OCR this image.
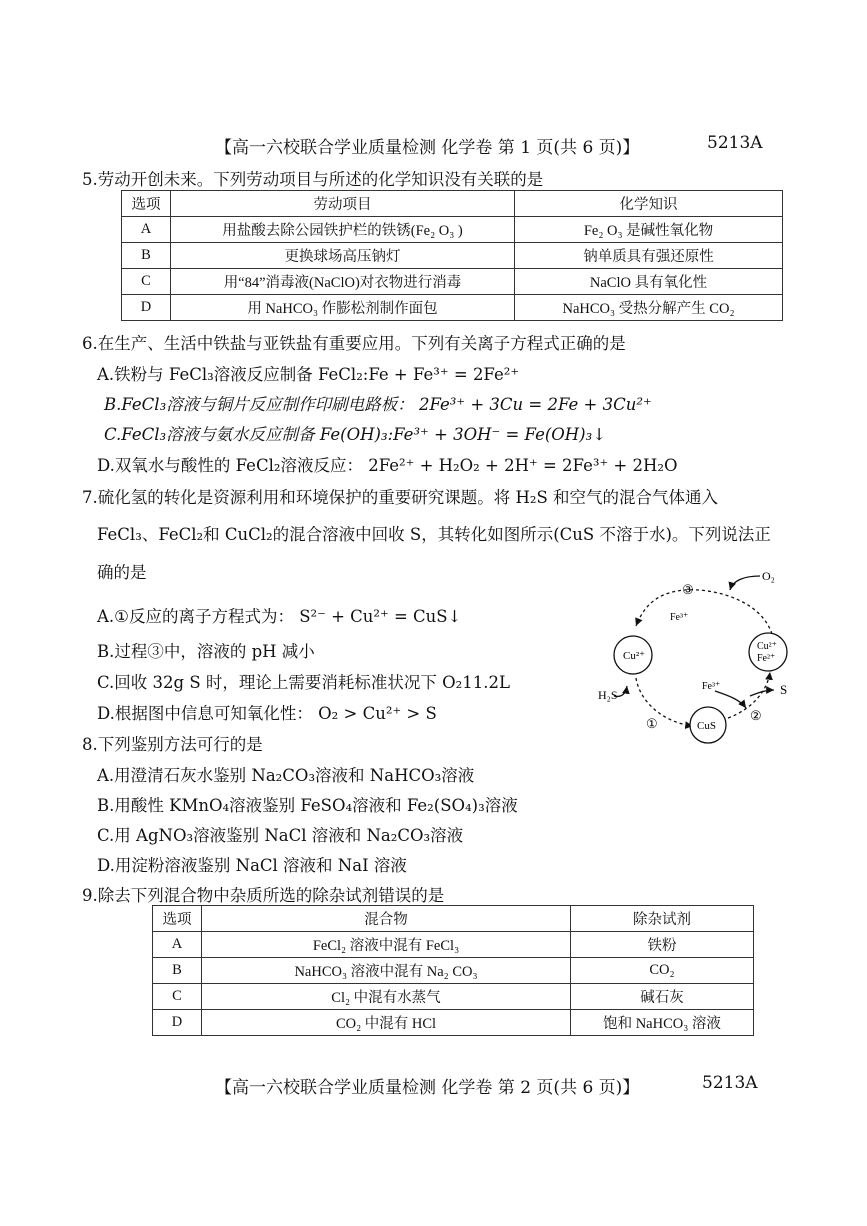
【高一六校联合学业质量检测 化学卷 第 1 页(共 6 页)】	5213A
5.劳动开创未来。下列劳动项目与所述的化学知识没有关联的是
选项	劳动项目	化学知识
A	用盐酸去除公园铁护栏的铁锈(Fe₂ O₃ )	Fe₂ O₃ 是碱性氧化物
B	更换球场高压钠灯	钠单质具有强还原性
C	用“84”消毒液(NaClO)对衣物进行消毒	NaClO 具有氧化性
D	用 NaHCO₃ 作膨松剂制作面包	NaHCO₃ 受热分解产生 CO₂
6.在生产、生活中铁盐与亚铁盐有重要应用。下列有关离子方程式正确的是
A.铁粉与 FeCl₃溶液反应制备 FeCl₂:Fe + Fe³⁺ = 2Fe²⁺
B.FeCl₃溶液与铜片反应制作印刷电路板： 2Fe³⁺ + 3Cu = 2Fe + 3Cu²⁺
C.FeCl₃溶液与氨水反应制备 Fe(OH)₃:Fe³⁺ + 3OH⁻ = Fe(OH)₃↓
D.双氧水与酸性的 FeCl₂溶液反应： 2Fe²⁺ + H₂O₂ + 2H⁺ = 2Fe³⁺ + 2H₂O
7.硫化氢的转化是资源利用和环境保护的重要研究课题。将 H₂S 和空气的混合气体通入
FeCl₃、FeCl₂和 CuCl₂的混合溶液中回收 S，其转化如图所示(CuS 不溶于水)。下列说法正
确的是
A.①反应的离子方程式为： S²⁻ + Cu²⁺ = CuS↓
B.过程③中，溶液的 pH 减小
C.回收 32g S 时，理论上需要消耗标准状况下 O₂11.2L
D.根据图中信息可知氧化性： O₂ > Cu²⁺ > S
Cu²⁺
CuS
Cu²⁺
Fe²⁺
O₂
H₂S	S
Fe³⁺
Fe³⁺
①
②
③
8.下列鉴别方法可行的是
A.用澄清石灰水鉴别 Na₂CO₃溶液和 NaHCO₃溶液
B.用酸性 KMnO₄溶液鉴别 FeSO₄溶液和 Fe₂(SO₄)₃溶液
C.用 AgNO₃溶液鉴别 NaCl 溶液和 Na₂CO₃溶液
D.用淀粉溶液鉴别 NaCl 溶液和 NaI 溶液
9.除去下列混合物中杂质所选的除杂试剂错误的是
选项	混合物	除杂试剂
A	FeCl₂ 溶液中混有 FeCl₃	铁粉
B	NaHCO₃ 溶液中混有 Na₂ CO₃	CO₂
C	Cl₂ 中混有水蒸气	碱石灰
D	CO₂ 中混有 HCl	饱和 NaHCO₃ 溶液
【高一六校联合学业质量检测 化学卷 第 2 页(共 6 页)】	5213A
